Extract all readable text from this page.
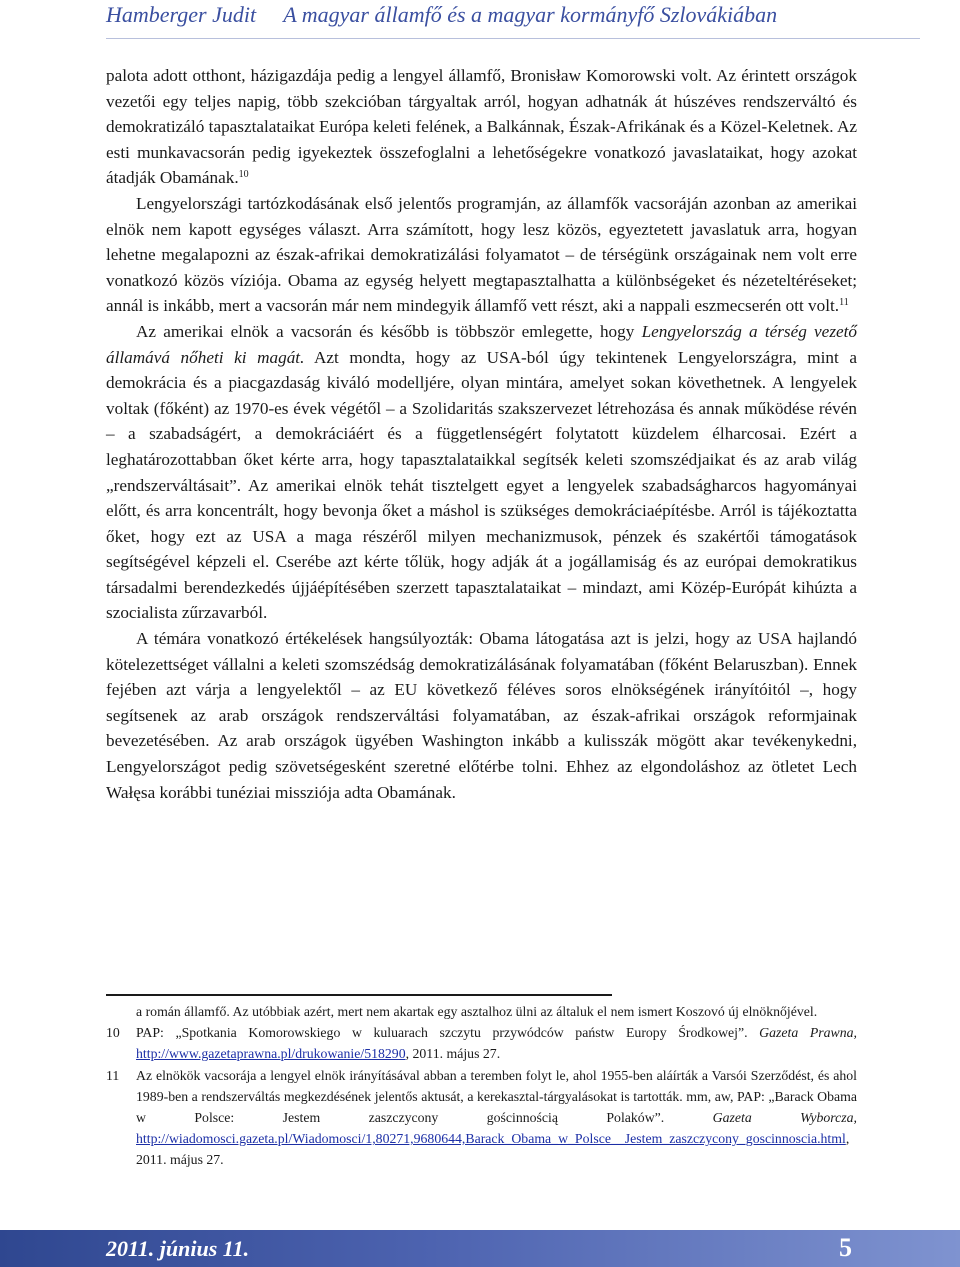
Hamberger Judit A magyar államfő és a magyar kormányfő Szlovákiában

palota adott otthont, házigazdája pedig a lengyel államfő, Bronisław Komorowski volt. Az érintett országok vezetői egy teljes napig, több szekcióban tárgyaltak arról, hogyan adhatnák át húszéves rendszerváltó és demokratizáló tapasztalataikat Európa keleti felének, a Balkánnak, Észak-Afrikának és a Közel-Keletnek. Az esti munkavacsorán pedig igyekeztek összefoglalni a lehetőségekre vonatkozó javaslataikat, hogy azokat átadják Obamának.$^{10}$

Lengyelországi tartózkodásának első jelentős programján, az államfők vacsoráján azonban az amerikai elnök nem kapott egységes választ. Arra számított, hogy lesz közös, egyeztetett javaslatuk arra, hogyan lehetne megalapozni az észak-afrikai demokratizálási folyamatot – de térségünk országainak nem volt erre vonatkozó közös víziója. Obama az egység helyett megtapasztalhatta a különbségeket és nézeteltéréseket; annál is inkább, mert a vacsorán már nem mindegyik államfő vett részt, aki a nappali eszmecserén ott volt.$^{11}$

Az amerikai elnök a vacsorán és később is többször emlegette, hogy Lengyelország a térség vezető államává nőheti ki magát. Azt mondta, hogy az USA-ból úgy tekintenek Lengyelországra, mint a demokrácia és a piacgazdaság kiváló modelljére, olyan mintára, amelyet sokan követhetnek. A lengyelek voltak (főként) az 1970-es évek végétől – a Szolidaritás szakszervezet létrehozása és annak működése révén – a szabadságért, a demokráciáért és a függetlenségért folytatott küzdelem élharcosai. Ezért a leghatározottabban őket kérte arra, hogy tapasztalataikkal segítsék keleti szomszédjaikat és az arab világ „rendszerváltásait”. Az amerikai elnök tehát tisztelgett egyet a lengyelek szabadságharcos hagyományai előtt, és arra koncentrált, hogy bevonja őket a máshol is szükséges demokráciaépítésbe. Arról is tájékoztatta őket, hogy ezt az USA a maga részéről milyen mechanizmusok, pénzek és szakértői támogatások segítségével képzeli el. Cserébe azt kérte tőlük, hogy adják át a jogállamiság és az európai demokratikus társadalmi berendezkedés újjáépítésében szerzett tapasztalataikat – mindazt, ami Közép-Európát kihúzta a szocialista zűrzavarból.

A témára vonatkozó értékelések hangsúlyozták: Obama látogatása azt is jelzi, hogy az USA hajlandó kötelezettséget vállalni a keleti szomszédság demokratizálásának folyamatában (főként Belaruszban). Ennek fejében azt várja a lengyelektől – az EU következő féléves soros elnökségének irányítóitól –, hogy segítsenek az arab országok rendszerváltási folyamatában, az észak-afrikai országok reformjainak bevezetésében. Az arab országok ügyében Washington inkább a kulisszák mögött akar tevékenykedni, Lengyelországot pedig szövetségesként szeretné előtérbe tolni. Ehhez az elgondoláshoz az ötletet Lech Wałęsa korábbi tunéziai missziója adta Obamának.

a román államfő. Az utóbbiak azért, mert nem akartak egy asztalhoz ülni az általuk el nem ismert Koszovó új elnöknőjével.
10	PAP: „Spotkania Komorowskiego w kuluarach szczytu przywódców państw Europy Środkowej”. Gazeta Prawna, http://www.gazetaprawna.pl/drukowanie/518290, 2011. május 27.
11	Az elnökök vacsorája a lengyel elnök irányításával abban a teremben folyt le, ahol 1955-ben aláírták a Varsói Szerződést, és ahol 1989-ben a rendszerváltás megkezdésének jelentős aktusát, a kerekasztal-tárgyalásokat is tartották. mm, aw, PAP: „Barack Obama w Polsce: Jestem zaszczycony gościnnością Polaków”. Gazeta Wyborcza, http://wiadomosci.gazeta.pl/Wiadomosci/1,80271,9680644,Barack_Obama_w_Polsce__Jestem_zaszczycony_goscinnoscia.html, 2011. május 27.
2011. június 11.	5
